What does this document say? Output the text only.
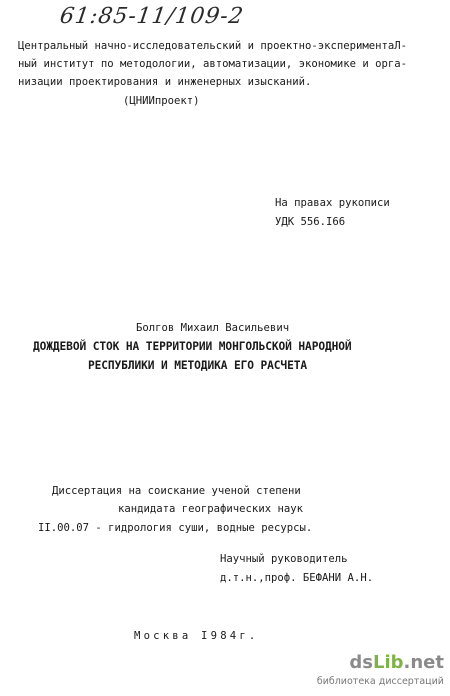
61:85-11/109-2
Центральный начно-исследовательский и проектно-экспериментаЛ-
ный институт по методологии, автоматизации, экономике и орга-
низации проектирования и инженерных изысканий.
(ЦНИИпроект)
На правах рукописи
УДК 556.I66
Болгов Михаил Васильевич
ДОЖДЕВОЙ СТОК НА ТЕРРИТОРИИ МОНГОЛЬСКОЙ НАРОДНОЙ
РЕСПУБЛИКИ И МЕТОДИКА ЕГО РАСЧЕТА
Диссертация на соискание ученой степени
кандидата географических наук
II.00.07 - гидрология суши, водные ресурсы.
Научный руководитель
д.т.н.,проф. БЕФАНИ А.Н.
Москва I984г.
dsLib.net
библиотека диссертаций
